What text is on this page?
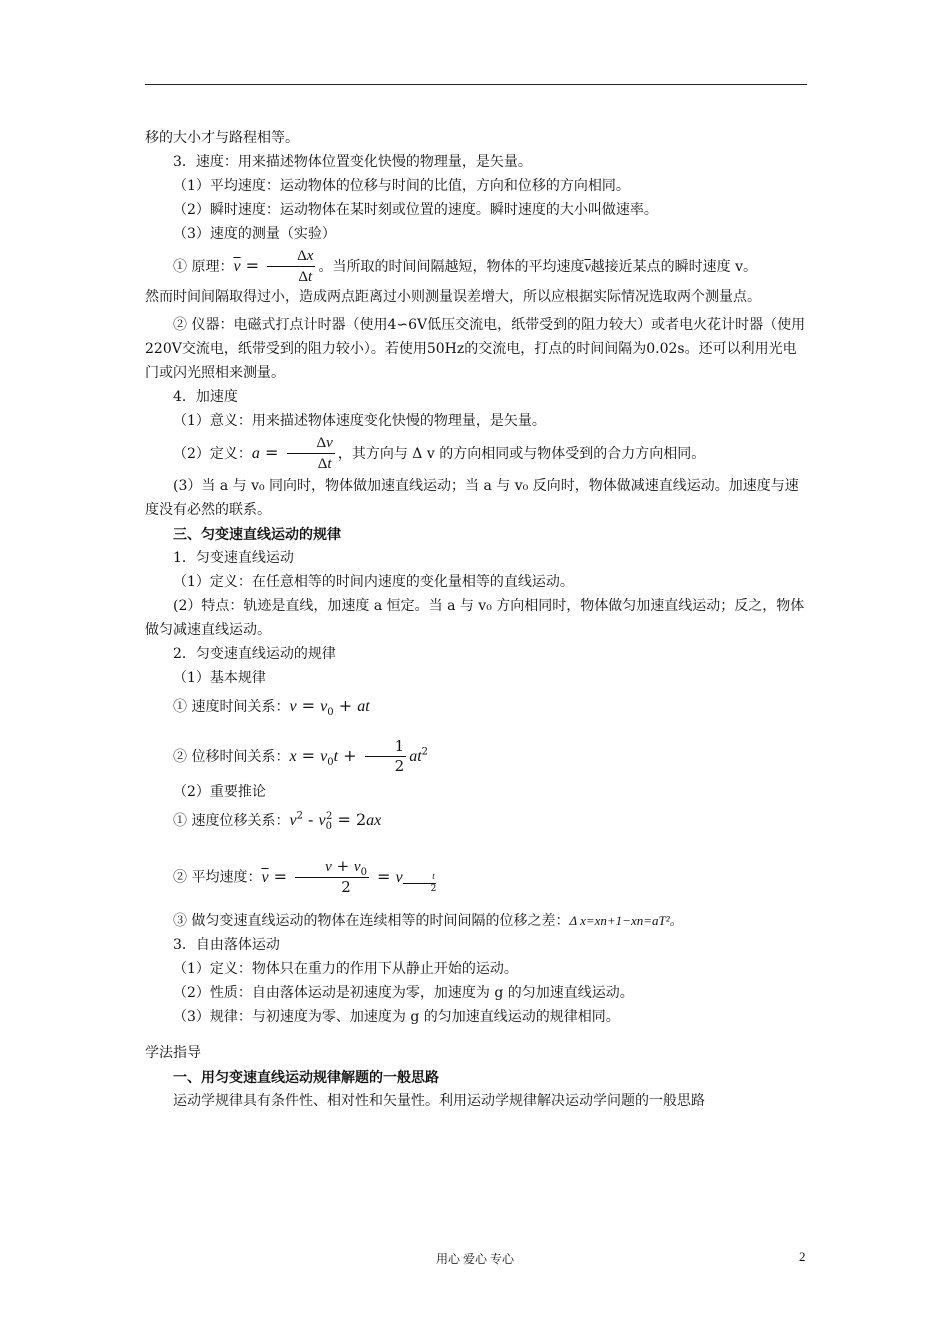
移的大小才与路程相等。

3．速度：用来描述物体位置变化快慢的物理量，是矢量。

（1）平均速度：运动物体的位移与时间的比值，方向和位移的方向相同。

（2）瞬时速度：运动物体在某时刻或位置的速度。瞬时速度的大小叫做速率。

（3）速度的测量（实验）

① 原理：$\overline{v} = \frac{\Delta x}{\Delta t}$ 。当所取的时间间隔越短，物体的平均速度$\overline{v}$越接近某点的瞬时速度 v。

然而时间间隔取得过小，造成两点距离过小则测量误差增大，所以应根据实际情况选取两个测量点。

② 仪器：电磁式打点计时器（使用4∽6V低压交流电，纸带受到的阻力较大）或者电火花计时器（使用220V交流电，纸带受到的阻力较小）。若使用50Hz的交流电，打点的时间间隔为0.02s。还可以利用光电门或闪光照相来测量。

4．加速度

（1）意义：用来描述物体速度变化快慢的物理量，是矢量。

（2）定义：$a = \frac{\Delta v}{\Delta t}$ ，其方向与 Δ v 的方向相同或与物体受到的合力方向相同。

(3）当 a 与 v₀ 同向时，物体做加速直线运动；当 a 与 v₀ 反向时，物体做减速直线运动。加速度与速度没有必然的联系。

三、匀变速直线运动的规律

1．匀变速直线运动

（1）定义：在任意相等的时间内速度的变化量相等的直线运动。

(2）特点：轨迹是直线，加速度 a 恒定。当 a 与 v₀ 方向相同时，物体做匀加速直线运动；反之，物体做匀减速直线运动。

2．匀变速直线运动的规律

（1）基本规律

① 速度时间关系：$v = v_0$ + at

② 位移时间关系：$x = v_0t + \frac{1}{2} at^2$

（2）重要推论

① 速度位移关系：$v^2 - v_0^2 = 2ax$

② 平均速度：$\overline{v} = \frac{v + v_0}{2} = v$ $_{\frac{t}{2}}$

③ 做匀变速直线运动的物体在连续相等的时间间隔的位移之差：Δ x=xn+1−xn=aT²。

3．自由落体运动

（1）定义：物体只在重力的作用下从静止开始的运动。

（2）性质：自由落体运动是初速度为零，加速度为 g 的匀加速直线运动。

（3）规律：与初速度为零、加速度为 g 的匀加速直线运动的规律相同。

学法指导

一、用匀变速直线运动规律解题的一般思路

运动学规律具有条件性、相对性和矢量性。利用运动学规律解决运动学问题的一般思路

用心 爱心 专心	2
